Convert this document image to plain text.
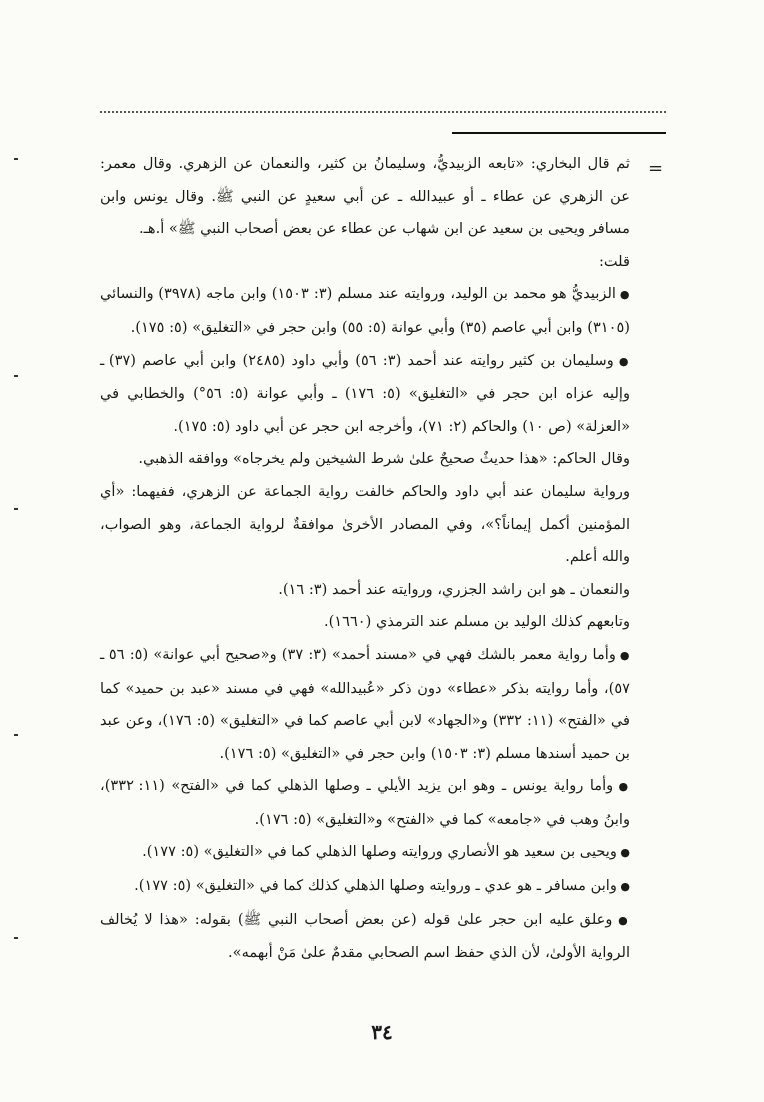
=

ثم قال البخاري: «تابعه الزبيديُّ، وسليمانُ بن كثير، والنعمان عن الزهري. وقال معمر: عن الزهري عن عطاء ـ أو عبيدالله ـ عن أبي سعيدٍ عن النبي ﷺ. وقال يونس وابن مسافر ويحيى بن سعيد عن ابن شهاب عن عطاء عن بعض أصحاب النبي ﷺ» أ.هـ.

قلت:

● الزبيديُّ هو محمد بن الوليد، وروايته عند مسلم (٣: ١٥٠٣) وابن ماجه (٣٩٧٨) والنسائي (٣١٠٥) وابن أبي عاصم (٣٥) وأبي عوانة (٥: ٥٥) وابن حجر في «التغليق» (٥: ١٧٥).

● وسليمان بن كثير روايته عند أحمد (٣: ٥٦) وأبي داود (٢٤٨٥) وابن أبي عاصم (٣٧) ـ وإليه عزاه ابن حجر في «التغليق» (٥: ١٧٦) ـ وأبي عوانة (٥: ٥٦°) والخطابي في «العزلة» (ص ١٠) والحاكم (٢: ٧١)، وأخرجه ابن حجر عن أبي داود (٥: ١٧٥).

وقال الحاكم: «هذا حديثٌ صحيحٌ علىٰ شرط الشيخين ولم يخرجاه» ووافقه الذهبي.

ورواية سليمان عند أبي داود والحاكم خالفت رواية الجماعة عن الزهري، ففيهما: «أي المؤمنين أكمل إيماناً؟»، وفي المصادر الأخرىٰ موافقةٌ لرواية الجماعة، وهو الصواب، والله أعلم.

والنعمان ـ هو ابن راشد الجزري، وروايته عند أحمد (٣: ١٦).

وتابعهم كذلك الوليد بن مسلم عند الترمذي (١٦٦٠).

● وأما رواية معمر بالشك فهي في «مسند أحمد» (٣: ٣٧) و«صحيح أبي عوانة» (٥: ٥٦ ـ ٥٧)، وأما روايته بذكر «عطاء» دون ذكر «عُبيدالله» فهي في مسند «عبد بن حميد» كما في «الفتح» (١١: ٣٣٢) و«الجهاد» لابن أبي عاصم كما في «التغليق» (٥: ١٧٦)، وعن عبد بن حميد أسندها مسلم (٣: ١٥٠٣) وابن حجر في «التغليق» (٥: ١٧٦).

● وأما رواية يونس ـ وهو ابن يزيد الأيلي ـ وصلها الذهلي كما في «الفتح» (١١: ٣٣٢)، وابنُ وهب في «جامعه» كما في «الفتح» و«التغليق» (٥: ١٧٦).

● ويحيى بن سعيد هو الأنصاري وروايته وصلها الذهلي كما في «التغليق» (٥: ١٧٧).

● وابن مسافر ـ هو عدي ـ وروايته وصلها الذهلي كذلك كما في «التغليق» (٥: ١٧٧).

● وعلق عليه ابن حجر علىٰ قوله (عن بعض أصحاب النبي ﷺ) بقوله: «هذا لا يُخالف الرواية الأولىٰ، لأن الذي حفظ اسم الصحابي مقدمٌ علىٰ مَنْ أبهمه».

٣٤
